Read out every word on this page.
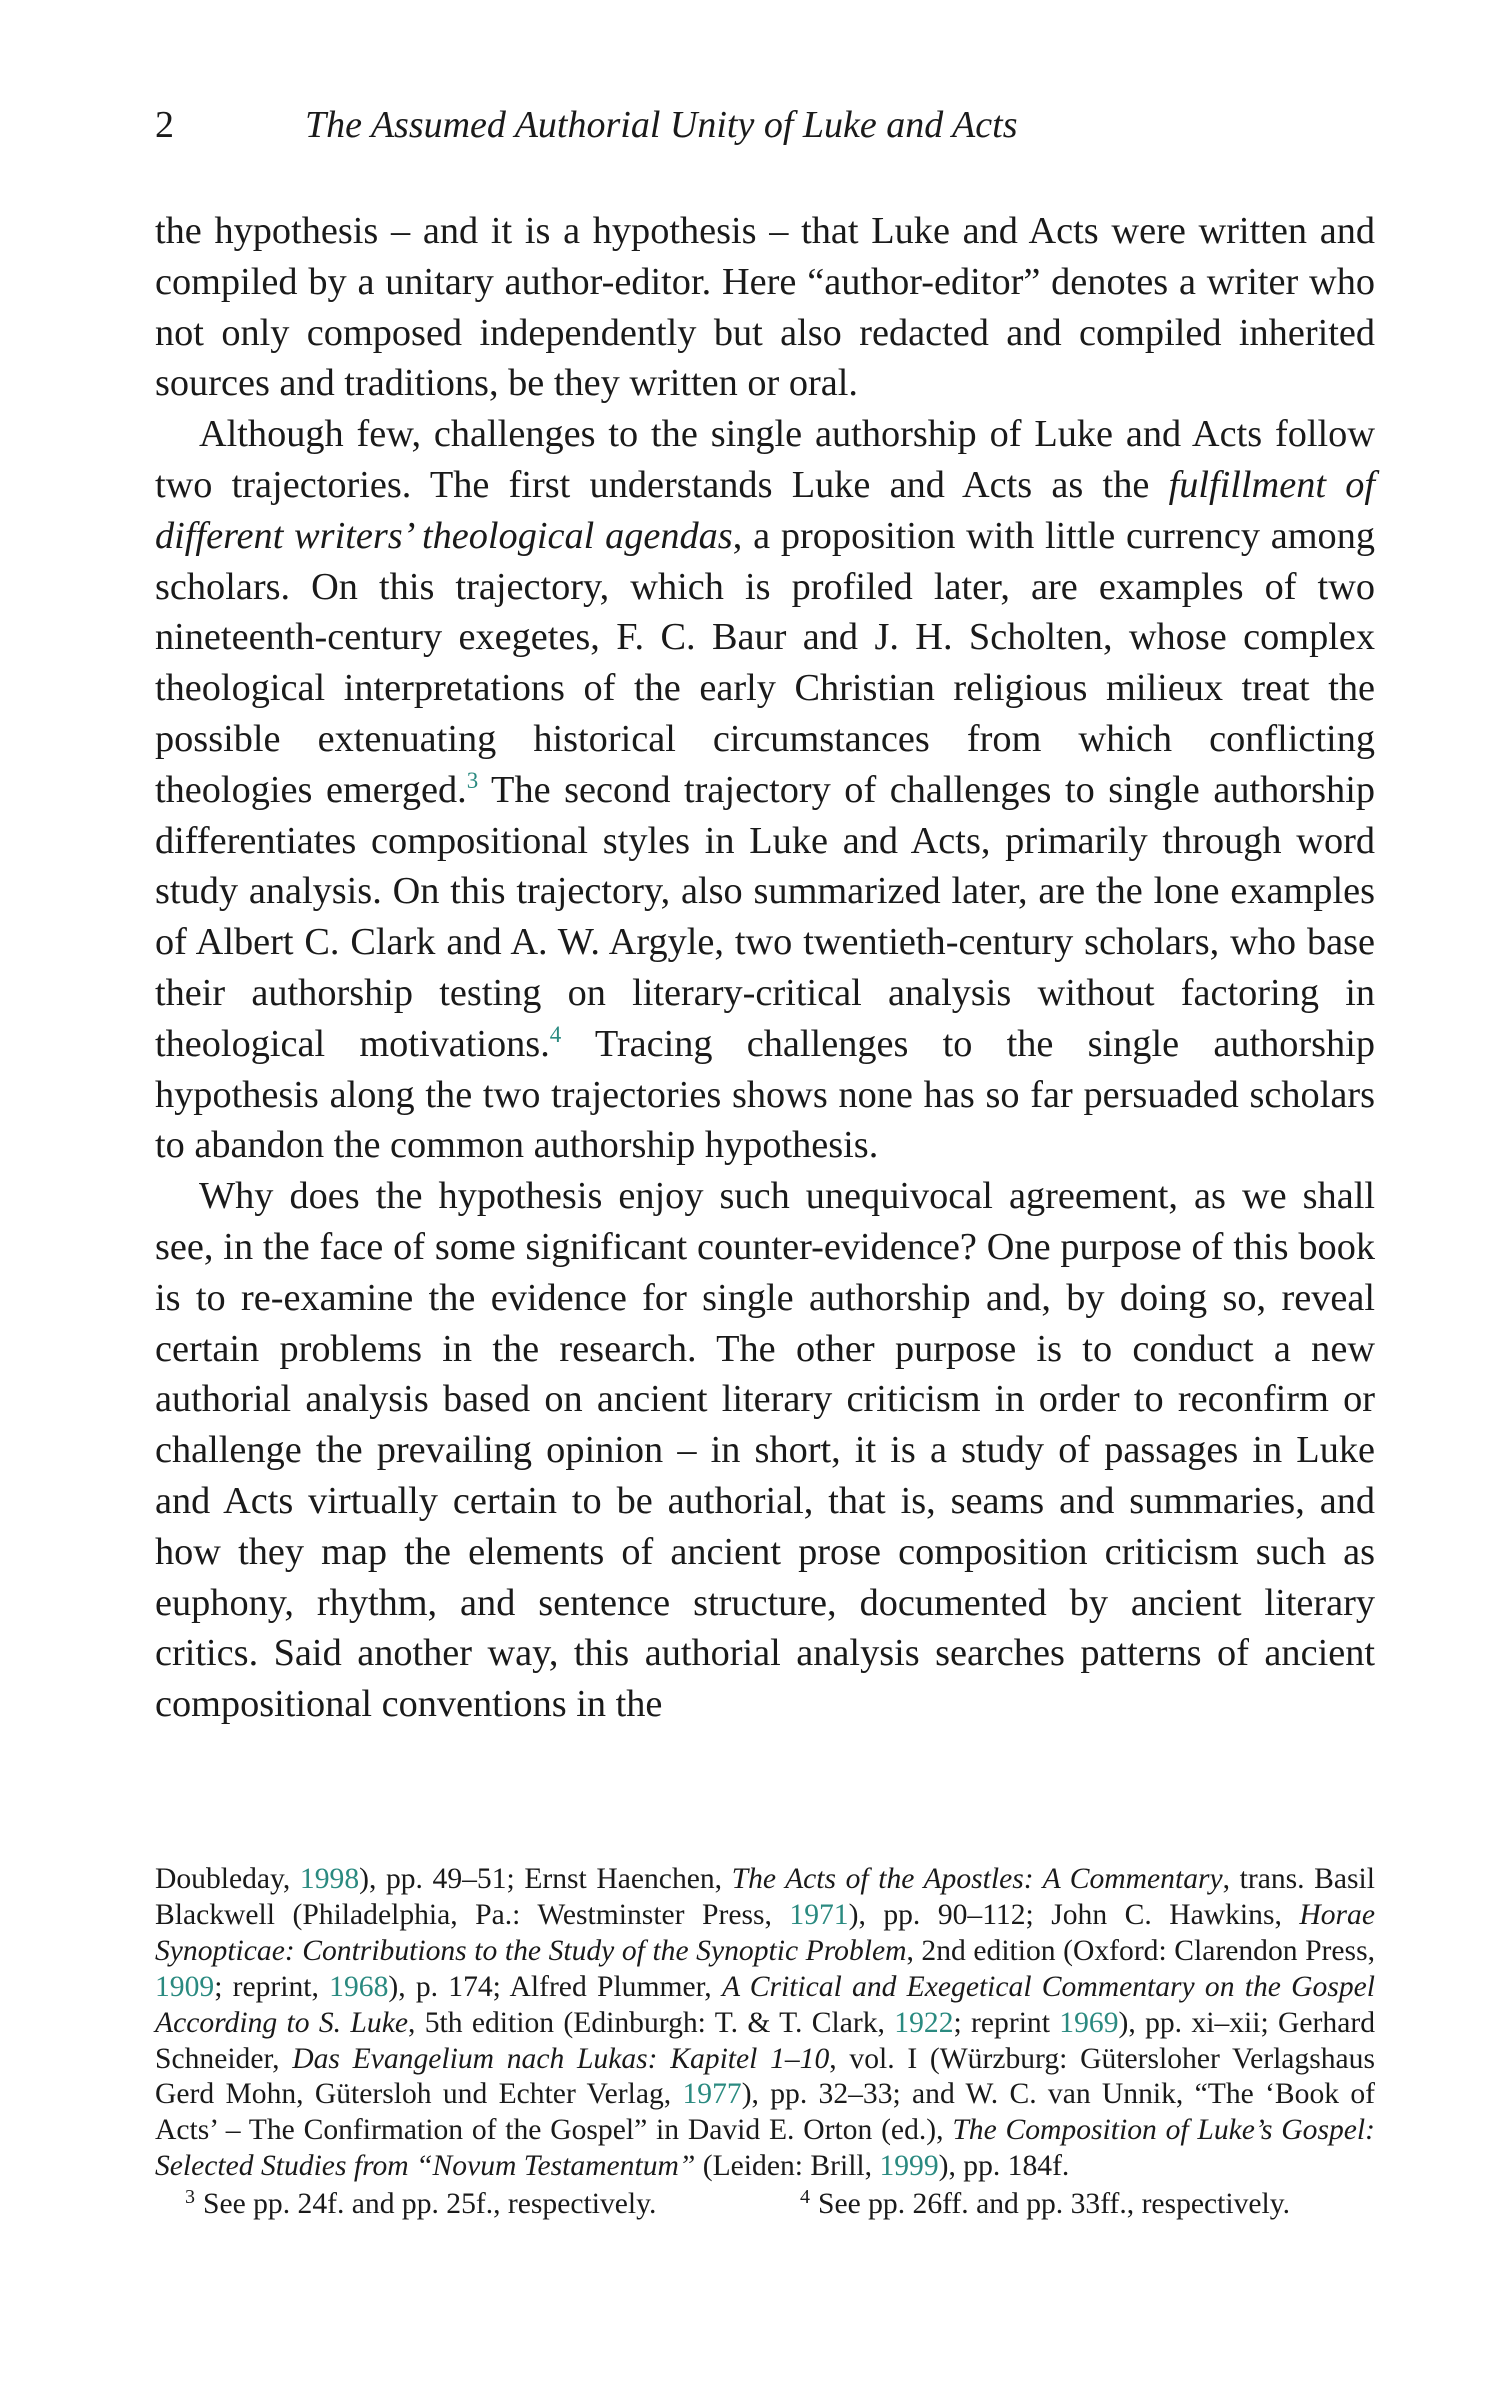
2	The Assumed Authorial Unity of Luke and Acts

the hypothesis – and it is a hypothesis – that Luke and Acts were written and compiled by a unitary author-editor. Here “author-editor” denotes a writer who not only composed independently but also redacted and compiled inherited sources and traditions, be they written or oral.

Although few, challenges to the single authorship of Luke and Acts follow two trajectories. The first understands Luke and Acts as the fulfillment of different writers’ theological agendas, a proposition with little currency among scholars. On this trajectory, which is profiled later, are examples of two nineteenth-century exegetes, F. C. Baur and J. H. Scholten, whose complex theological interpretations of the early Christian religious milieux treat the possible extenuating historical circumstances from which conflicting theologies emerged.$^3$ The second trajectory of challenges to single authorship differentiates compositional styles in Luke and Acts, primarily through word study analysis. On this trajectory, also summarized later, are the lone examples of Albert C. Clark and A. W. Argyle, two twentieth-century scholars, who base their authorship testing on literary-critical analysis without factoring in theological motivations.$^4$ Tracing challenges to the single authorship hypothesis along the two trajectories shows none has so far persuaded scholars to abandon the common authorship hypothesis.

Why does the hypothesis enjoy such unequivocal agreement, as we shall see, in the face of some significant counter-evidence? One purpose of this book is to re-examine the evidence for single authorship and, by doing so, reveal certain problems in the research. The other purpose is to conduct a new authorial analysis based on ancient literary criticism in order to reconfirm or challenge the prevailing opinion – in short, it is a study of passages in Luke and Acts virtually certain to be authorial, that is, seams and summaries, and how they map the elements of ancient prose composition criticism such as euphony, rhythm, and sentence structure, documented by ancient literary critics. Said another way, this authorial analysis searches patterns of ancient compositional conventions in the

Doubleday, 1998), pp. 49–51; Ernst Haenchen, The Acts of the Apostles: A Commentary, trans. Basil Blackwell (Philadelphia, Pa.: Westminster Press, 1971), pp. 90–112; John C. Hawkins, Horae Synopticae: Contributions to the Study of the Synoptic Problem, 2nd edition (Oxford: Clarendon Press, 1909; reprint, 1968), p. 174; Alfred Plummer, A Critical and Exegetical Commentary on the Gospel According to S. Luke, 5th edition (Edinburgh: T. & T. Clark, 1922; reprint 1969), pp. xi–xii; Gerhard Schneider, Das Evangelium nach Lukas: Kapitel 1–10, vol. I (Würzburg: Gütersloher Verlagshaus Gerd Mohn, Gütersloh und Echter Verlag, 1977), pp. 32–33; and W. C. van Unnik, “The ‘Book of Acts’ – The Confirmation of the Gospel” in David E. Orton (ed.), The Composition of Luke’s Gospel: Selected Studies from “Novum Testamentum” (Leiden: Brill, 1999), pp. 184f.

$^3$ See pp. 24f. and pp. 25f., respectively.	$^4$ See pp. 26ff. and pp. 33ff., respectively.
